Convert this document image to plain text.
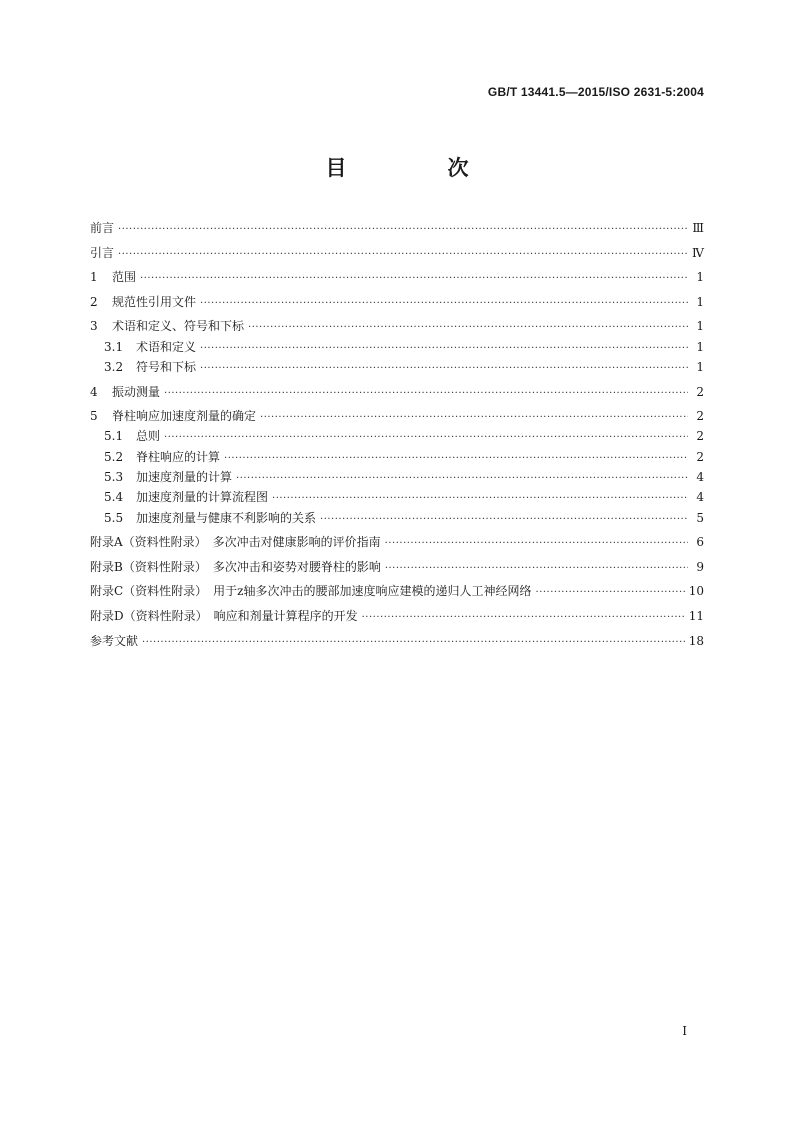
GB/T 13441.5—2015/ISO 2631-5:2004
目　次
前言 ·····	Ⅲ
引言 ·····	Ⅳ
1	范围 ·····	1
2	规范性引用文件 ·····	1
3	术语和定义、符号和下标 ·····	1
3.1	术语和定义 ·····	1
3.2	符号和下标 ·····	1
4	振动测量 ·····	2
5	脊柱响应加速度剂量的确定 ·····	2
5.1	总则 ·····	2
5.2	脊柱响应的计算 ·····	2
5.3	加速度剂量的计算 ·····	4
5.4	加速度剂量的计算流程图 ·····	4
5.5	加速度剂量与健康不利影响的关系 ·····	5
附录A（资料性附录）　多次冲击对健康影响的评价指南 ·····	6
附录B（资料性附录）　多次冲击和姿势对腰脊柱的影响 ·····	9
附录C（资料性附录）　用于z轴多次冲击的腰部加速度响应建模的递归人工神经网络 ·····	10
附录D（资料性附录）　响应和剂量计算程序的开发 ·····	11
参考文献 ·····	18
I
